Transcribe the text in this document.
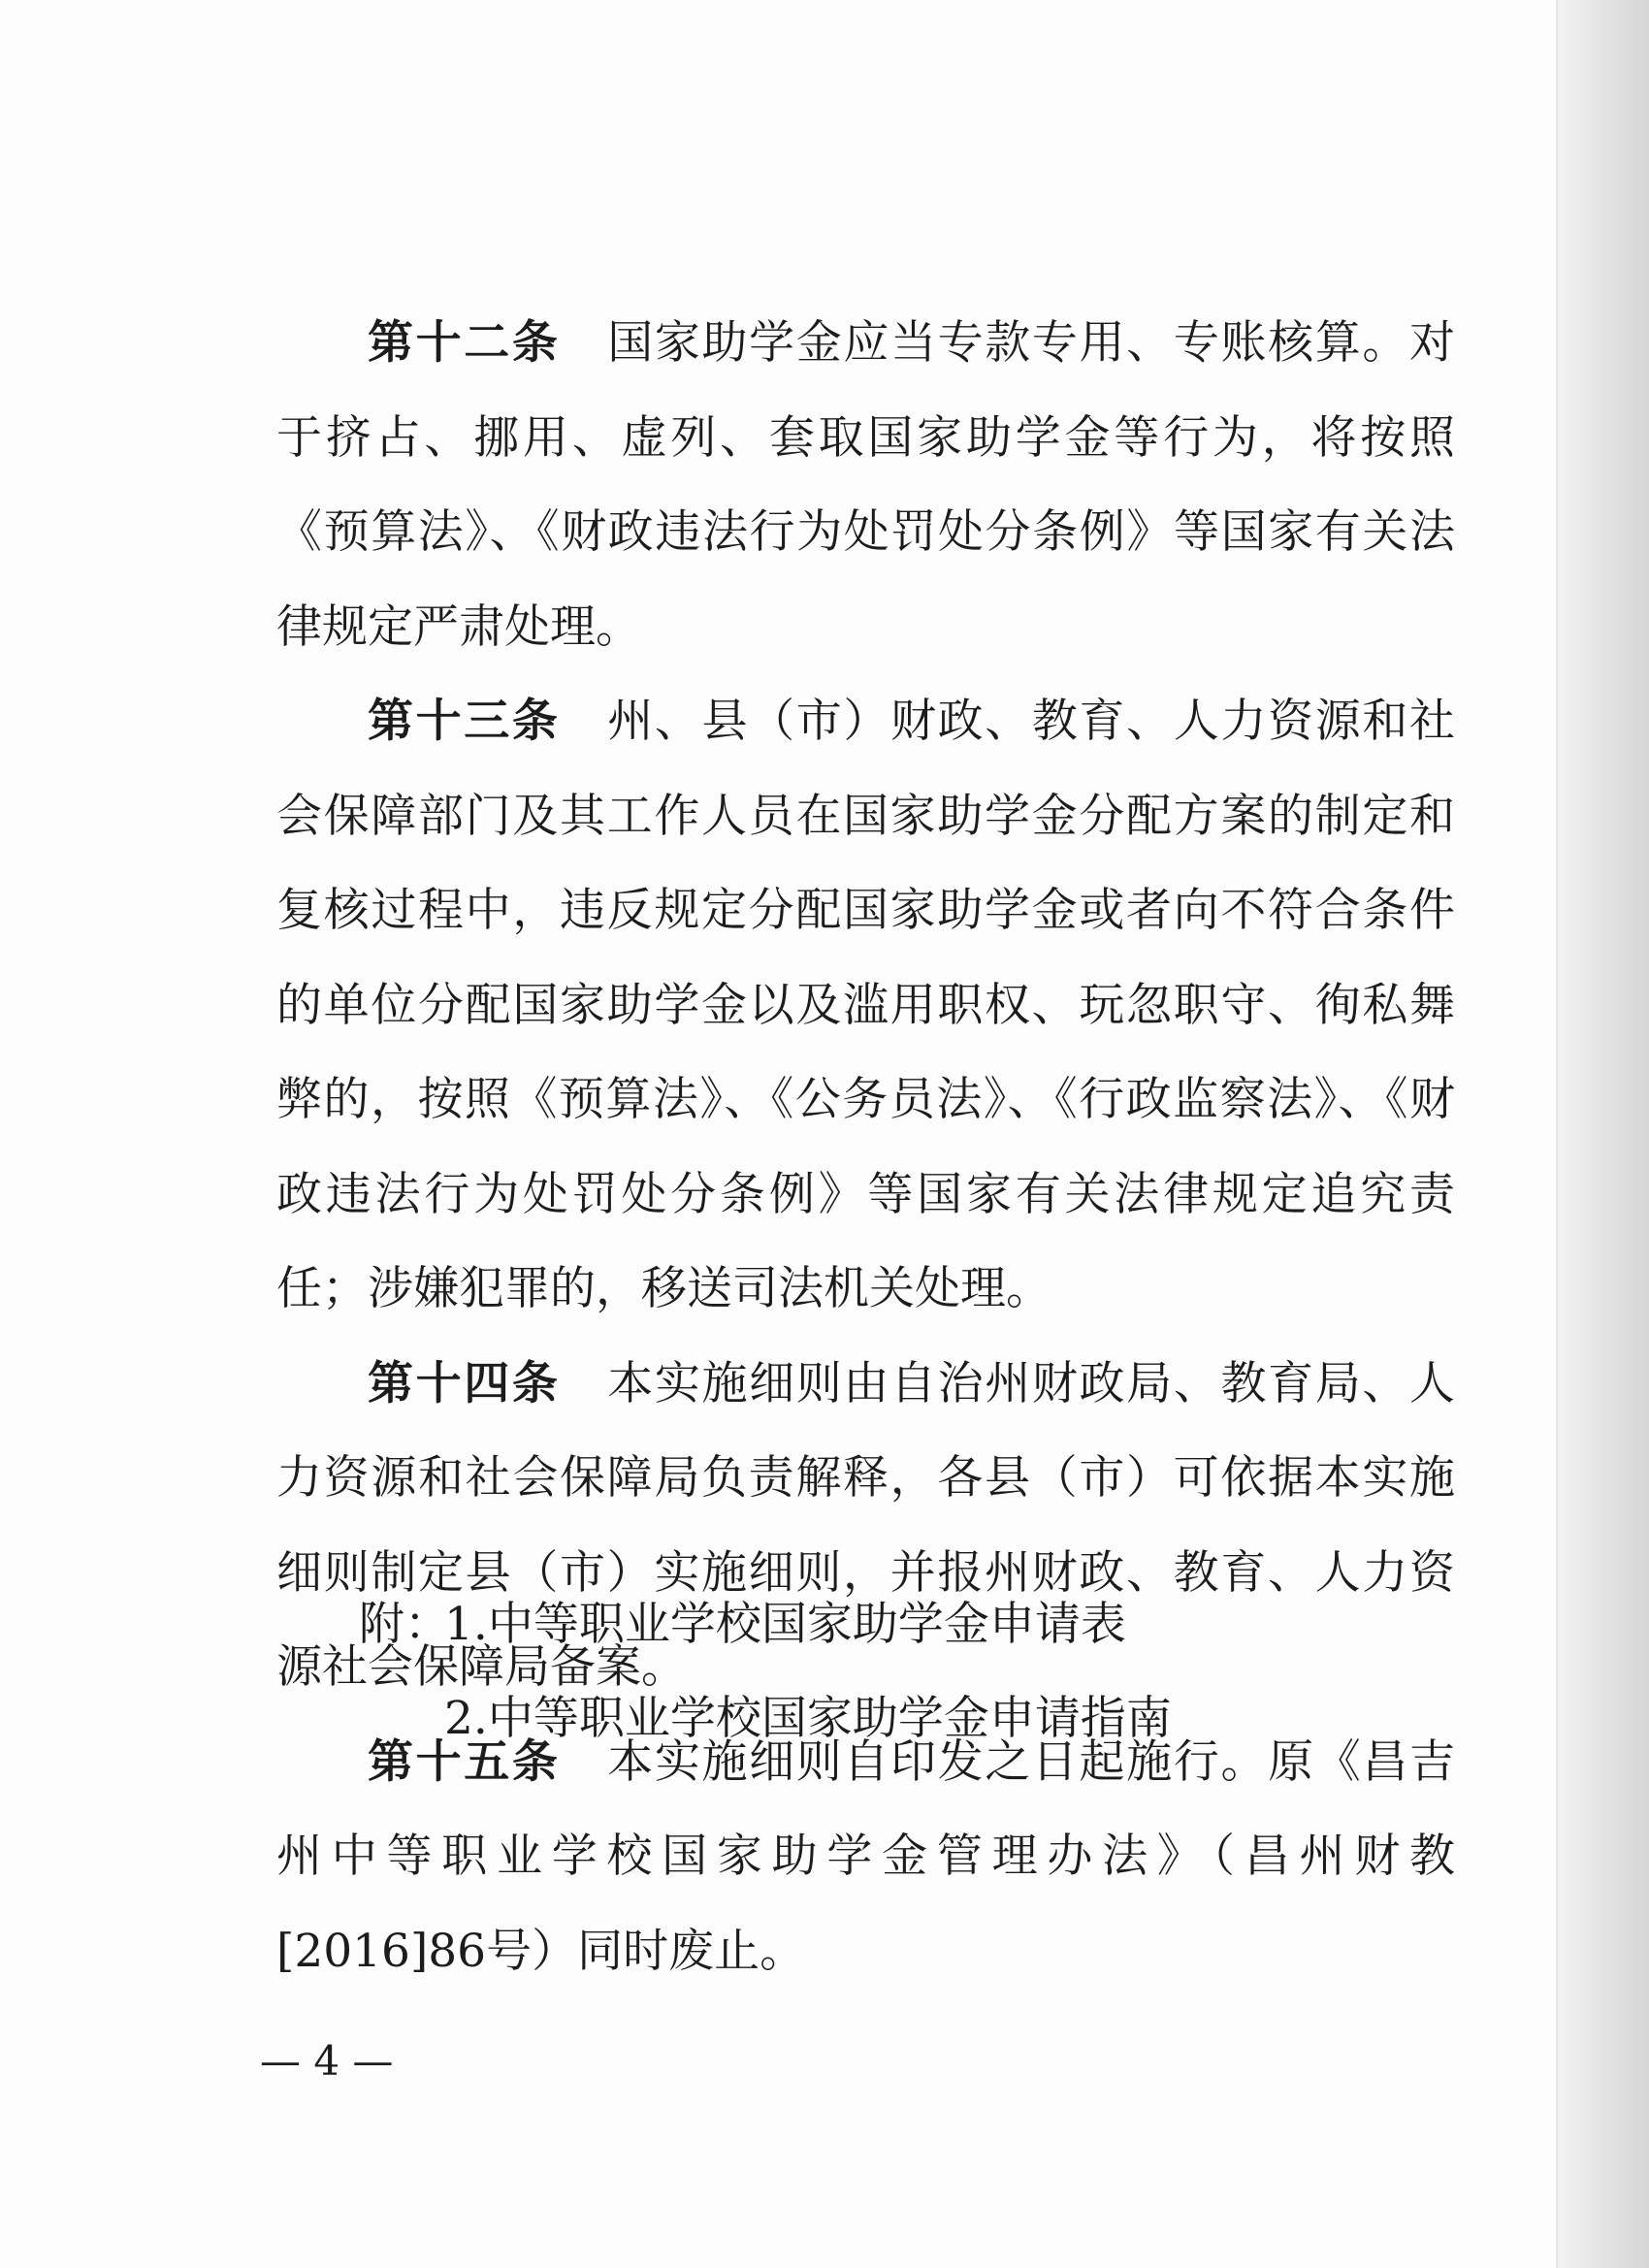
第十二条　 国家助学金应当专款专用、专账核算。对于挤占、挪用、虚列、套取国家助学金等行为，将按照《预算法》、《财政违法行为处罚处分条例》等国家有关法律规定严肃处理。

第十三条　 州、县（市）财政、教育、人力资源和社会保障部门及其工作人员在国家助学金分配方案的制定和复核过程中，违反规定分配国家助学金或者向不符合条件的单位分配国家助学金以及滥用职权、玩忽职守、徇私舞弊的，按照《预算法》、《公务员法》、《行政监察法》、《财政违法行为处罚处分条例》等国家有关法律规定追究责任；涉嫌犯罪的，移送司法机关处理。

第十四条　 本实施细则由自治州财政局、教育局、人力资源和社会保障局负责解释，各县（市）可依据本实施细则制定县（市）实施细则，并报州财政、教育、人力资源社会保障局备案。

第十五条　 本实施细则自印发之日起施行。原《昌吉州中等职业学校国家助学金管理办法》（昌州财教[2016]86号）同时废止。

附：
1.中等职业学校国家助学金申请表
2.中等职业学校国家助学金申请指南
— 4 —
